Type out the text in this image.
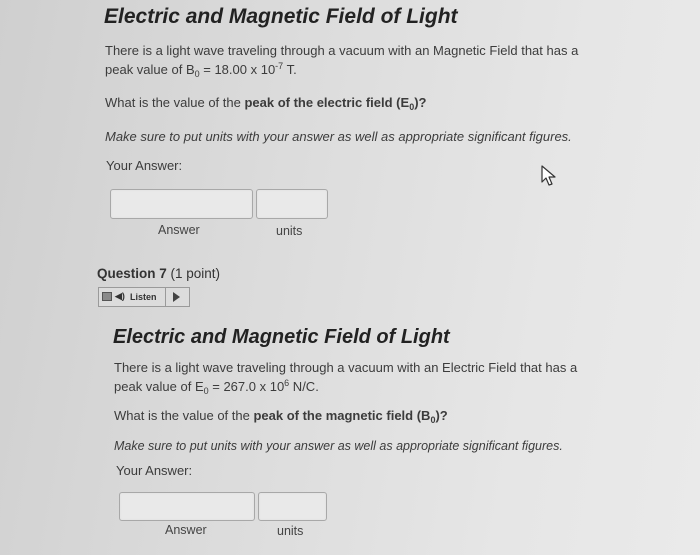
Electric and Magnetic Field of Light
There is a light wave traveling through a vacuum with an Magnetic Field that has a
peak value of $B_0 = 18.00$ x $10^{-7}$ T.
What is the value of the peak of the electric field $(E_0)$?
Make sure to put units with your answer as well as appropriate significant figures.
Your Answer:
Answer	units
Question 7 (1 point)
◀) Listen
Electric and Magnetic Field of Light
There is a light wave traveling through a vacuum with an Electric Field that has a
peak value of $E_0 = 267.0$ x $10^6$ N/C.
What is the value of the peak of the magnetic field $(B_0)$?
Make sure to put units with your answer as well as appropriate significant figures.
Your Answer:
Answer	units
